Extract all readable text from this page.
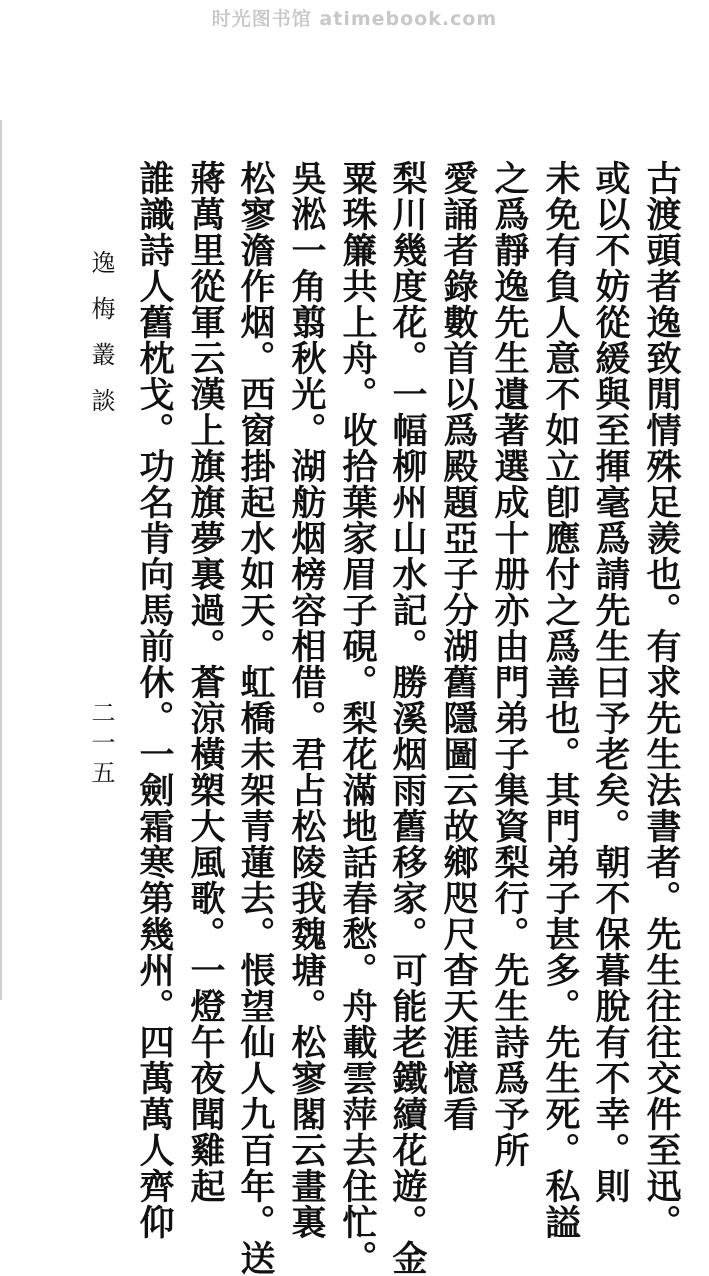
时光图书馆 atimebook.com
逸梅叢談
二一五	古渡頭者逸致閒情殊足羨也。有求先生法書者。先生往往交件至迅。
或以不妨從緩與至揮毫爲請先生曰予老矣。朝不保暮脫有不幸。則
未免有負人意不如立卽應付之爲善也。其門弟子甚多。先生死。私謚
之爲靜逸先生遺著選成十册亦由門弟子集資梨行。先生詩爲予所
愛誦者錄數首以爲殿題亞子分湖舊隱圖云故鄉咫尺杳天涯憶看
梨川幾度花。一幅柳州山水記。勝溪烟雨舊移家。可能老鐵續花遊。金
粟珠簾共上舟。收拾葉家眉子硯。梨花滿地話春愁。舟載雲萍去住忙。
吳淞一角翦秋光。湖舫烟榜容相借。君占松陵我魏塘。松寥閣云畫裏
松寥澹作烟。西窗掛起水如天。虹橋未架青蓮去。悵望仙人九百年。送
蔣萬里從軍云漢上旗旗夢裏過。蒼涼橫槊大風歌。一燈午夜聞雞起
誰識詩人舊枕戈。功名肯向馬前休。一劍霜寒第幾州。四萬萬人齊仰
